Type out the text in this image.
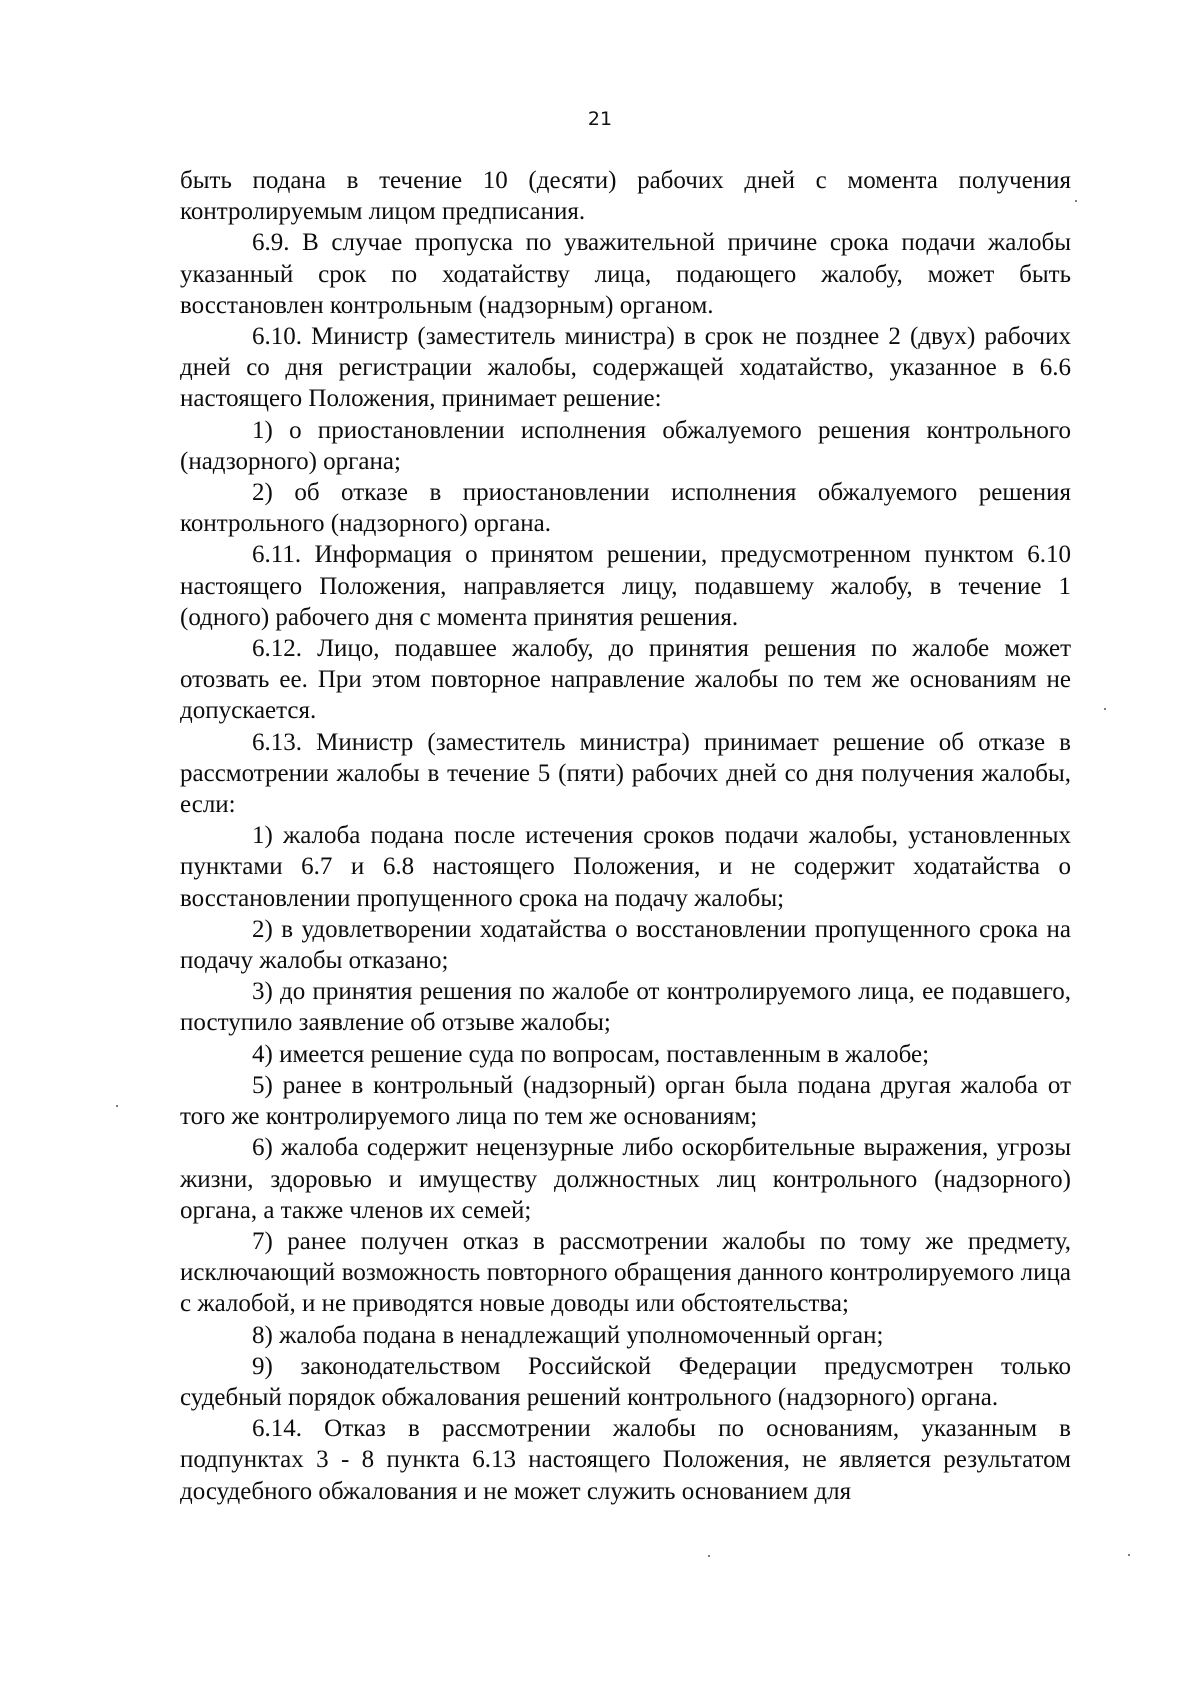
21

быть подана в течение 10 (десяти) рабочих дней с момента получения контролируемым лицом предписания.

6.9. В случае пропуска по уважительной причине срока подачи жалобы указанный срок по ходатайству лица, подающего жалобу, может быть восстановлен контрольным (надзорным) органом.

6.10. Министр (заместитель министра) в срок не позднее 2 (двух) рабочих дней со дня регистрации жалобы, содержащей ходатайство, указанное в 6.6 настоящего Положения, принимает решение:

1) о приостановлении исполнения обжалуемого решения контрольного (надзорного) органа;

2) об отказе в приостановлении исполнения обжалуемого решения контрольного (надзорного) органа.

6.11. Информация о принятом решении, предусмотренном пунктом 6.10 настоящего Положения, направляется лицу, подавшему жалобу, в течение 1 (одного) рабочего дня с момента принятия решения.

6.12. Лицо, подавшее жалобу, до принятия решения по жалобе может отозвать ее. При этом повторное направление жалобы по тем же основаниям не допускается.

6.13. Министр (заместитель министра) принимает решение об отказе в рассмотрении жалобы в течение 5 (пяти) рабочих дней со дня получения жалобы, если:

1) жалоба подана после истечения сроков подачи жалобы, установленных пунктами 6.7 и 6.8 настоящего Положения, и не содержит ходатайства о восстановлении пропущенного срока на подачу жалобы;

2) в удовлетворении ходатайства о восстановлении пропущенного срока на подачу жалобы отказано;

3) до принятия решения по жалобе от контролируемого лица, ее подавшего, поступило заявление об отзыве жалобы;

4) имеется решение суда по вопросам, поставленным в жалобе;

5) ранее в контрольный (надзорный) орган была подана другая жалоба от того же контролируемого лица по тем же основаниям;

6) жалоба содержит нецензурные либо оскорбительные выражения, угрозы жизни, здоровью и имуществу должностных лиц контрольного (надзорного) органа, а также членов их семей;

7) ранее получен отказ в рассмотрении жалобы по тому же предмету, исключающий возможность повторного обращения данного контролируемого лица с жалобой, и не приводятся новые доводы или обстоятельства;

8) жалоба подана в ненадлежащий уполномоченный орган;

9) законодательством Российской Федерации предусмотрен только судебный порядок обжалования решений контрольного (надзорного) органа.

6.14. Отказ в рассмотрении жалобы по основаниям, указанным в подпунктах 3 - 8 пункта 6.13 настоящего Положения, не является результатом досудебного обжалования и не может служить основанием для
